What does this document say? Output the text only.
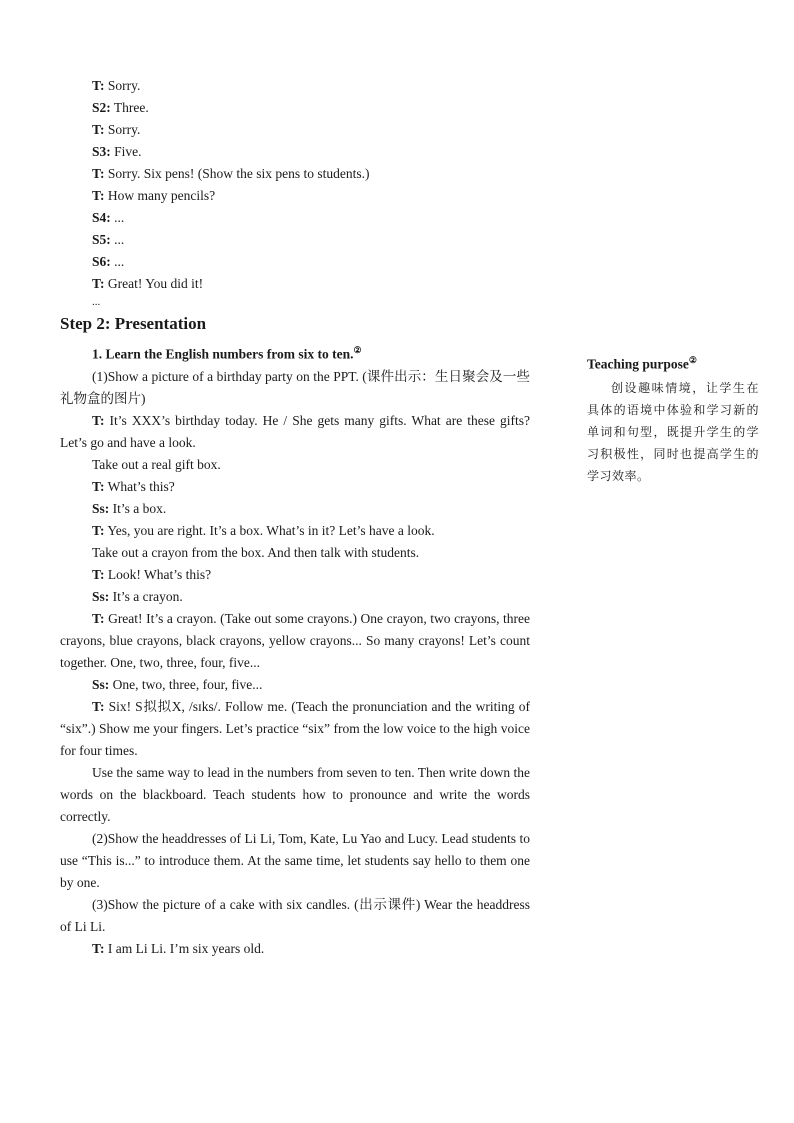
T: Sorry.

S2: Three.

T: Sorry.

S3: Five.

T: Sorry. Six pens! (Show the six pens to students.)

T: How many pencils?

S4: ...

S5: ...

S6: ...

T: Great! You did it!

...

Step 2: Presentation

1. Learn the English numbers from six to ten.②

(1)Show a picture of a birthday party on the PPT. (课件出示：生日聚会及一些礼物盒的图片)

T: It’s XXX’s birthday today. He / She gets many gifts. What are these gifts? Let’s go and have a look.

Take out a real gift box.

T: What’s this?

Ss: It’s a box.

T: Yes, you are right. It’s a box. What’s in it? Let’s have a look.

Take out a crayon from the box. And then talk with students.

T: Look! What’s this?

Ss: It’s a crayon.

T: Great! It’s a crayon. (Take out some crayons.) One crayon, two crayons, three crayons, blue crayons, black crayons, yellow crayons... So many crayons! Let’s count together. One, two, three, four, five...

Ss: One, two, three, four, five...

T: Six! S拟拟X, /sɪks/. Follow me. (Teach the pronunciation and the writing of “six”.) Show me your fingers. Let’s practice “six” from the low voice to the high voice for four times.

Use the same way to lead in the numbers from seven to ten. Then write down the words on the blackboard. Teach students how to pronounce and write the words correctly.

(2)Show the headdresses of Li Li, Tom, Kate, Lu Yao and Lucy. Lead students to use “This is...” to introduce them. At the same time, let students say hello to them one by one.

(3)Show the picture of a cake with six candles. (出示课件) Wear the headdress of Li Li.

T: I am Li Li. I’m six years old.

Teaching purpose②

创设趣味情境，让学生在具体的语境中体验和学习新的单词和句型，既提升学生的学习积极性，同时也提高学生的学习效率。
